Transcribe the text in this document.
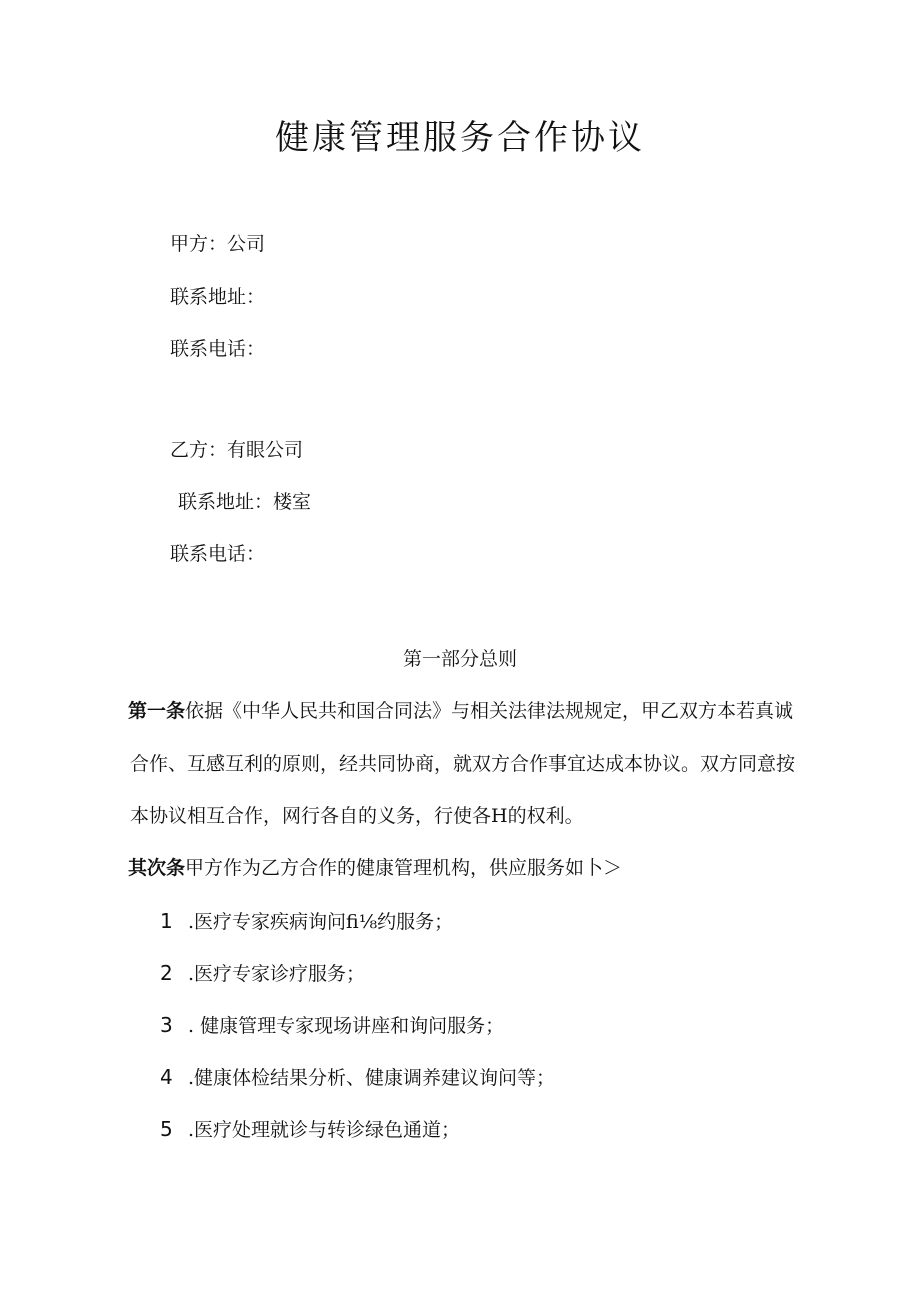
健康管理服务合作协议
甲方：公司
联系地址：
联系电话：
乙方：有眼公司
联系地址：楼室
联系电话：
第一部分总则
第一条依据《中华人民共和国合同法》与相关法律法规规定，甲乙双方本若真诚
合作、互感互利的原则，经共同协商，就双方合作事宜达成本协议。双方同意按
本协议相互合作，网行各自的义务，行使各H的权利。
其次条甲方作为乙方合作的健康管理机构，供应服务如卜＞
1 .医疗专家疾病询问fi⅛约服务；
2 .医疗专家诊疗服务；
3 . 健康管理专家现场讲座和询问服务；
4 .健康体检结果分析、健康调养建议询问等；
5 .医疗处理就诊与转诊绿色通道；
